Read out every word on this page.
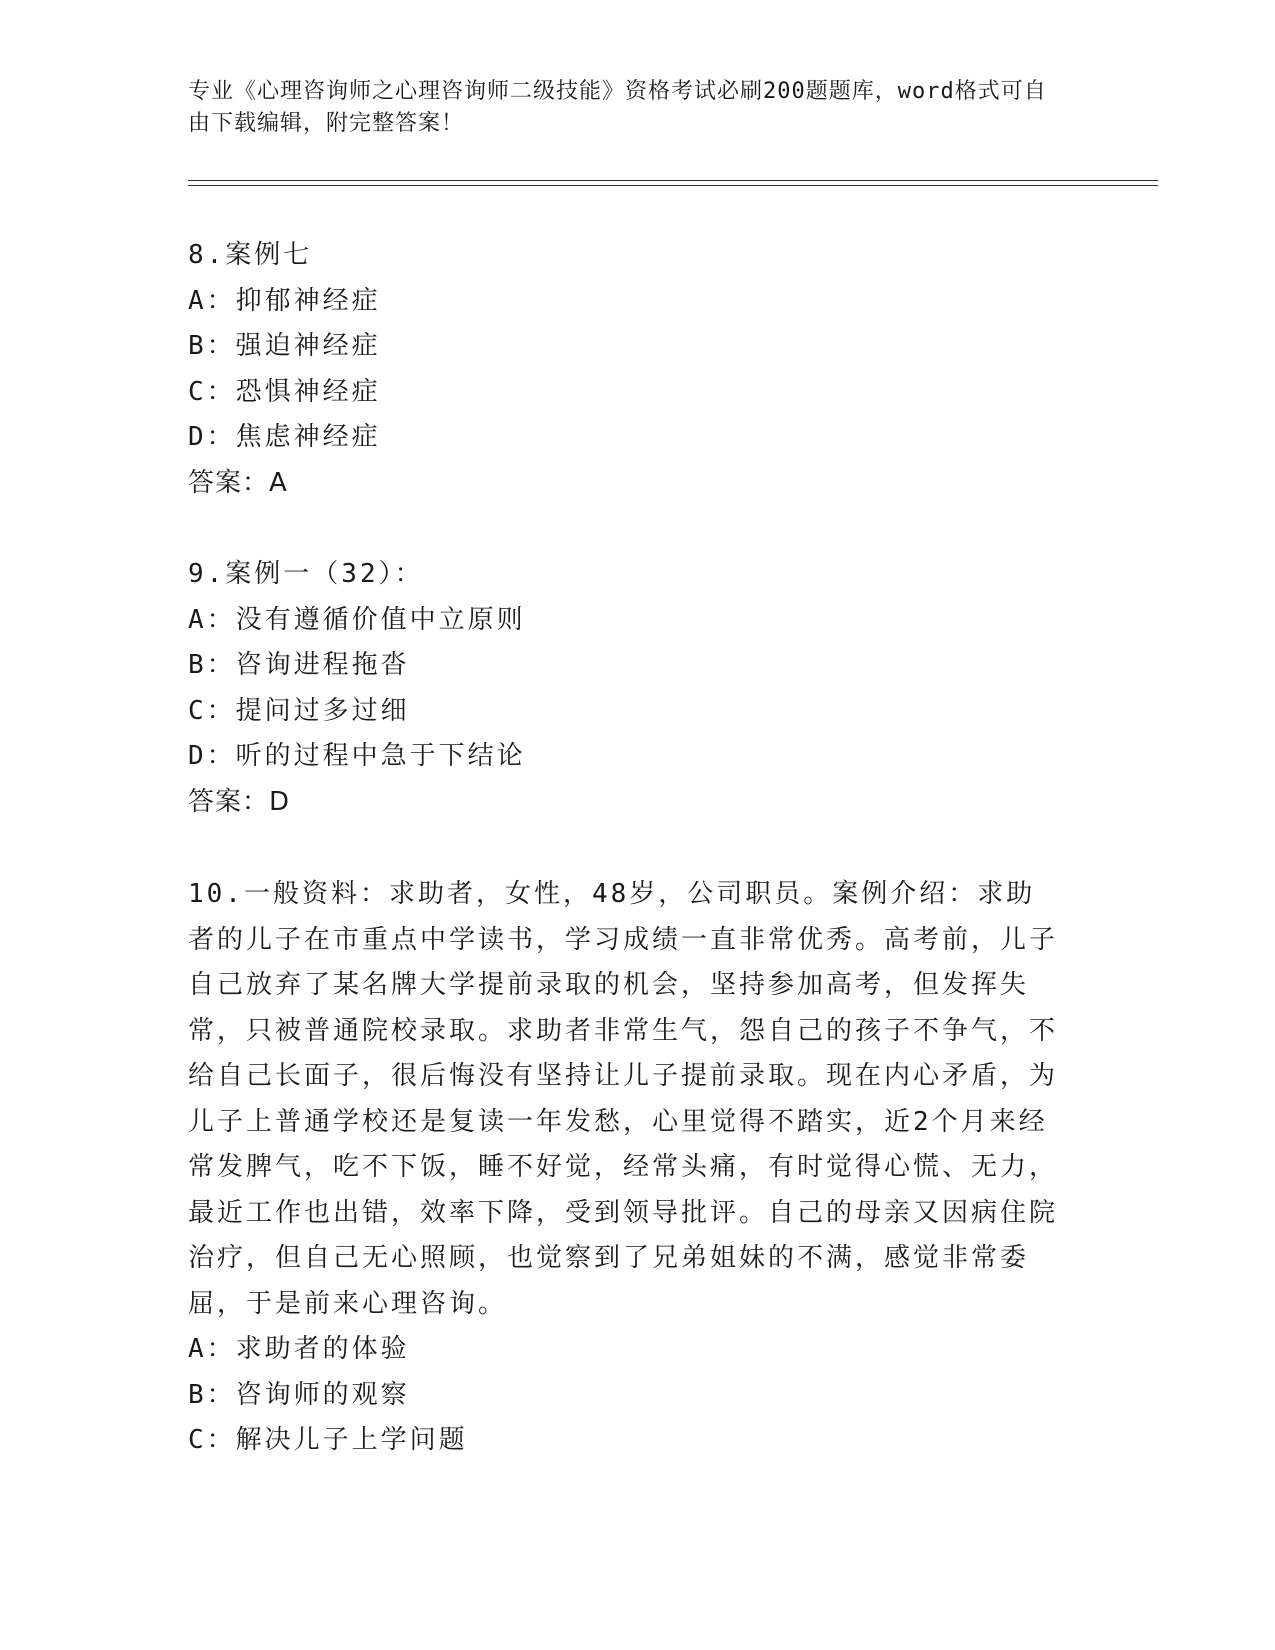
专业《心理咨询师之心理咨询师二级技能》资格考试必刷200题题库，word格式可自由下载编辑，附完整答案！
8.案例七
A：抑郁神经症
B：强迫神经症
C：恐惧神经症
D：焦虑神经症
答案：A
9.案例一（32）：
A：没有遵循价值中立原则
B：咨询进程拖沓
C：提问过多过细
D：听的过程中急于下结论
答案：D
10.一般资料：求助者，女性，48岁，公司职员。案例介绍：求助者的儿子在市重点中学读书，学习成绩一直非常优秀。高考前，儿子自己放弃了某名牌大学提前录取的机会，坚持参加高考，但发挥失常，只被普通院校录取。求助者非常生气，怨自己的孩子不争气，不给自己长面子，很后悔没有坚持让儿子提前录取。现在内心矛盾，为儿子上普通学校还是复读一年发愁，心里觉得不踏实，近2个月来经常发脾气，吃不下饭，睡不好觉，经常头痛，有时觉得心慌、无力，最近工作也出错，效率下降，受到领导批评。自己的母亲又因病住院治疗，但自己无心照顾，也觉察到了兄弟姐妹的不满，感觉非常委屈，于是前来心理咨询。
A：求助者的体验
B：咨询师的观察
C：解决儿子上学问题
